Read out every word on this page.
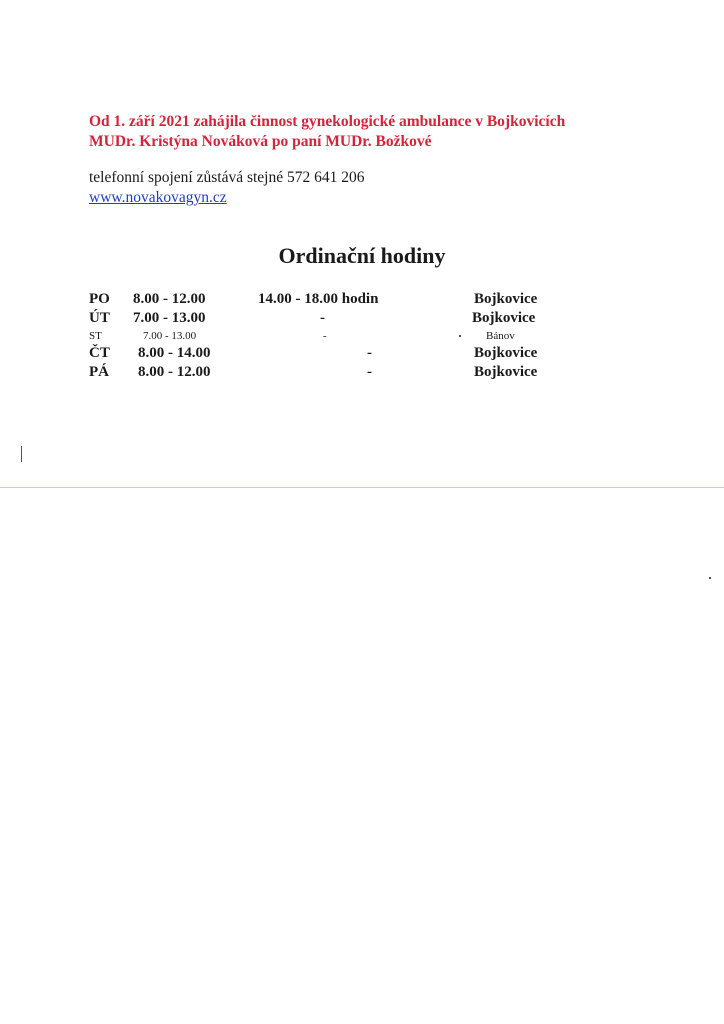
Od 1. září 2021 zahájila činnost gynekologické ambulance v Bojkovicích
MUDr. Kristýna Nováková po paní MUDr. Božkové
telefonní spojení zůstává stejné 572 641 206
www.novakovagyn.cz
Ordinační hodiny
PO 8.00 - 12.00	14.00 - 18.00 hodin	Bojkovice
ÚT 7.00 - 13.00	-	Bojkovice
ST	7.00 - 13.00	-	Bánov
ČT 8.00 - 14.00	-	Bojkovice
PÁ 8.00 - 12.00	-	Bojkovice
